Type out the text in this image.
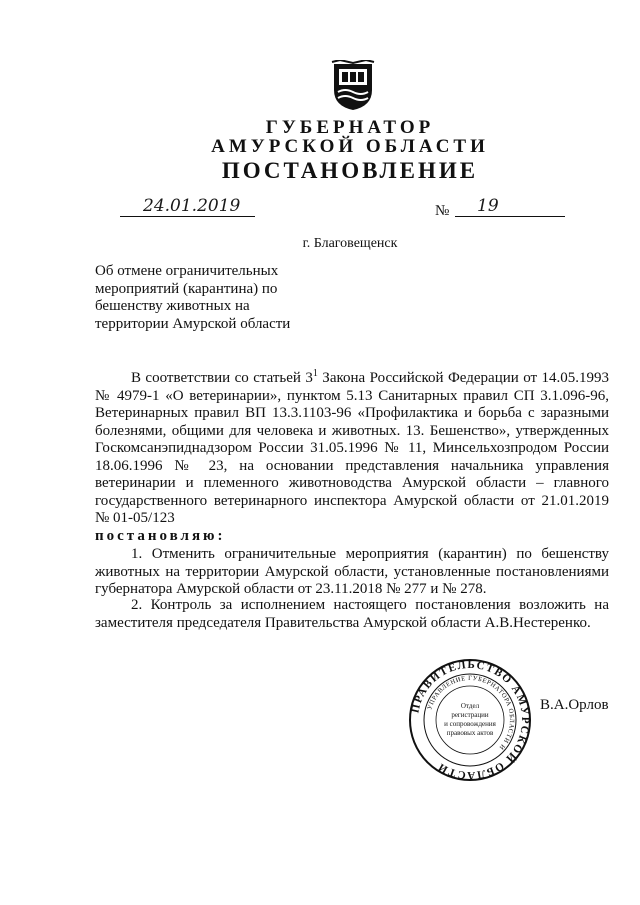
ГУБЕРНАТОР
АМУРСКОЙ ОБЛАСТИ
ПОСТАНОВЛЕНИЕ
24.01.2019	№ 19
г. Благовещенск
Об отмене ограничительных
мероприятий (карантина) по
бешенству животных на
территории Амурской области
В соответствии со статьей $3^1$ Закона Российской Федерации от 14.05.1993 № 4979-1 «О ветеринарии», пунктом 5.13 Санитарных правил СП 3.1.096-96, Ветеринарных правил ВП 13.3.1103-96 «Профилактика и борьба с заразными болезнями, общими для человека и животных. 13. Бешенство», утвержденных Госкомсанэпиднадзором России 31.05.1996 № 11, Минсельхозпродом России 18.06.1996 № 23, на основании представления начальника управления ветеринарии и племенного животноводства Амурской области – главного государственного ветеринарного инспектора Амурской области от 21.01.2019 № 01-05/123
постановляю:
1. Отменить ограничительные мероприятия (карантин) по бешенству животных на территории Амурской области, установленные постановлениями губернатора Амурской области от 23.11.2018 № 277 и № 278.
2. Контроль за исполнением настоящего постановления возложить на заместителя председателя Правительства Амурской области А.В.Нестеренко.
ПРАВИТЕЛЬСТВО АМУРСКОЙ ОБЛАСТИ
УПРАВЛЕНИЕ ГУБЕРНАТОРА ОБЛАСТИ И
Отдел
регистрации
и сопровождения
правовых актов
В.А.Орлов
